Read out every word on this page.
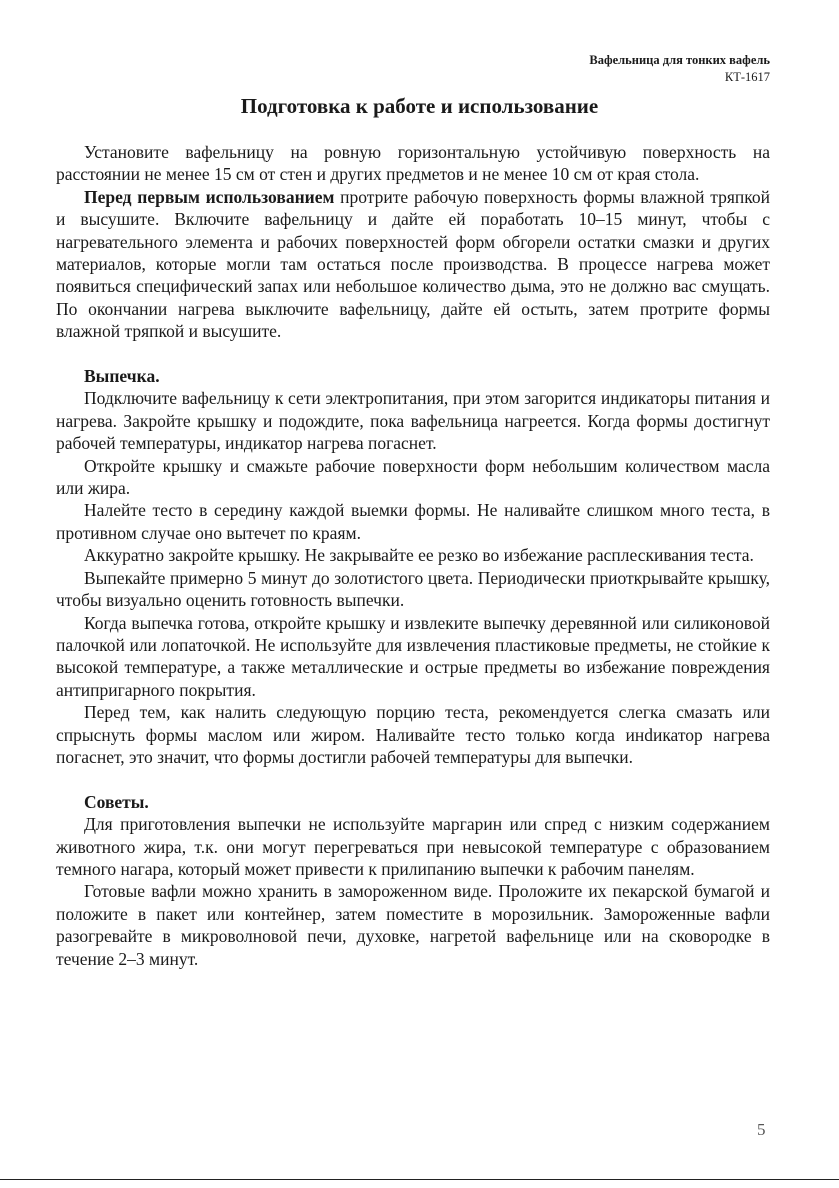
Вафельница для тонких вафель
КТ-1617
Подготовка к работе и использование

Установите вафельницу на ровную горизонтальную устойчивую поверхность на расстоянии не менее 15 см от стен и других предметов и не менее 10 см от края стола.

Перед первым использованием протрите рабочую поверхность формы влажной тряпкой и высушите. Включите вафельницу и дайте ей поработать 10–15 минут, чтобы с нагревательного элемента и рабочих поверхностей форм обгорели остатки смазки и других материалов, которые могли там остаться после производства. В процессе нагрева может появиться специфический запах или небольшое количество дыма, это не должно вас смущать. По окончании нагрева выключите вафельницу, дайте ей остыть, затем протрите формы влажной тряпкой и высушите.

Выпечка.

Подключите вафельницу к сети электропитания, при этом загорится индикаторы питания и нагрева. Закройте крышку и подождите, пока вафельница нагреется. Когда формы достигнут рабочей температуры, индикатор нагрева погаснет.

Откройте крышку и смажьте рабочие поверхности форм небольшим количеством масла или жира.

Налейте тесто в середину каждой выемки формы. Не наливайте слишком много теста, в противном случае оно вытечет по краям.

Аккуратно закройте крышку. Не закрывайте ее резко во избежание расплескивания теста.

Выпекайте примерно 5 минут до золотистого цвета. Периодически приоткрывайте крышку, чтобы визуально оценить готовность выпечки.

Когда выпечка готова, откройте крышку и извлеките выпечку деревянной или силиконовой палочкой или лопаточкой. Не используйте для извлечения пластиковые предметы, не стойкие к высокой температуре, а также металлические и острые предметы во избежание повреждения антипригарного покрытия.

Перед тем, как налить следующую порцию теста, рекомендуется слегка смазать или спрыснуть формы маслом или жиром. Наливайте тесто только когда инdикатор нагрева погаснет, это значит, что формы достигли рабочей температуры для выпечки.

Советы.

Для приготовления выпечки не используйте маргарин или спред с низким содержанием животного жира, т.к. они могут перегреваться при невысокой температуре с образованием темного нагара, который может привести к прилипанию выпечки к рабочим панелям.

Готовые вафли можно хранить в замороженном виде. Проложите их пекарской бумагой и положите в пакет или контейнер, затем поместите в морозильник. Замороженные вафли разогревайте в микроволновой печи, духовке, нагретой вафельнице или на сковородке в течение 2–3 минут.

5
